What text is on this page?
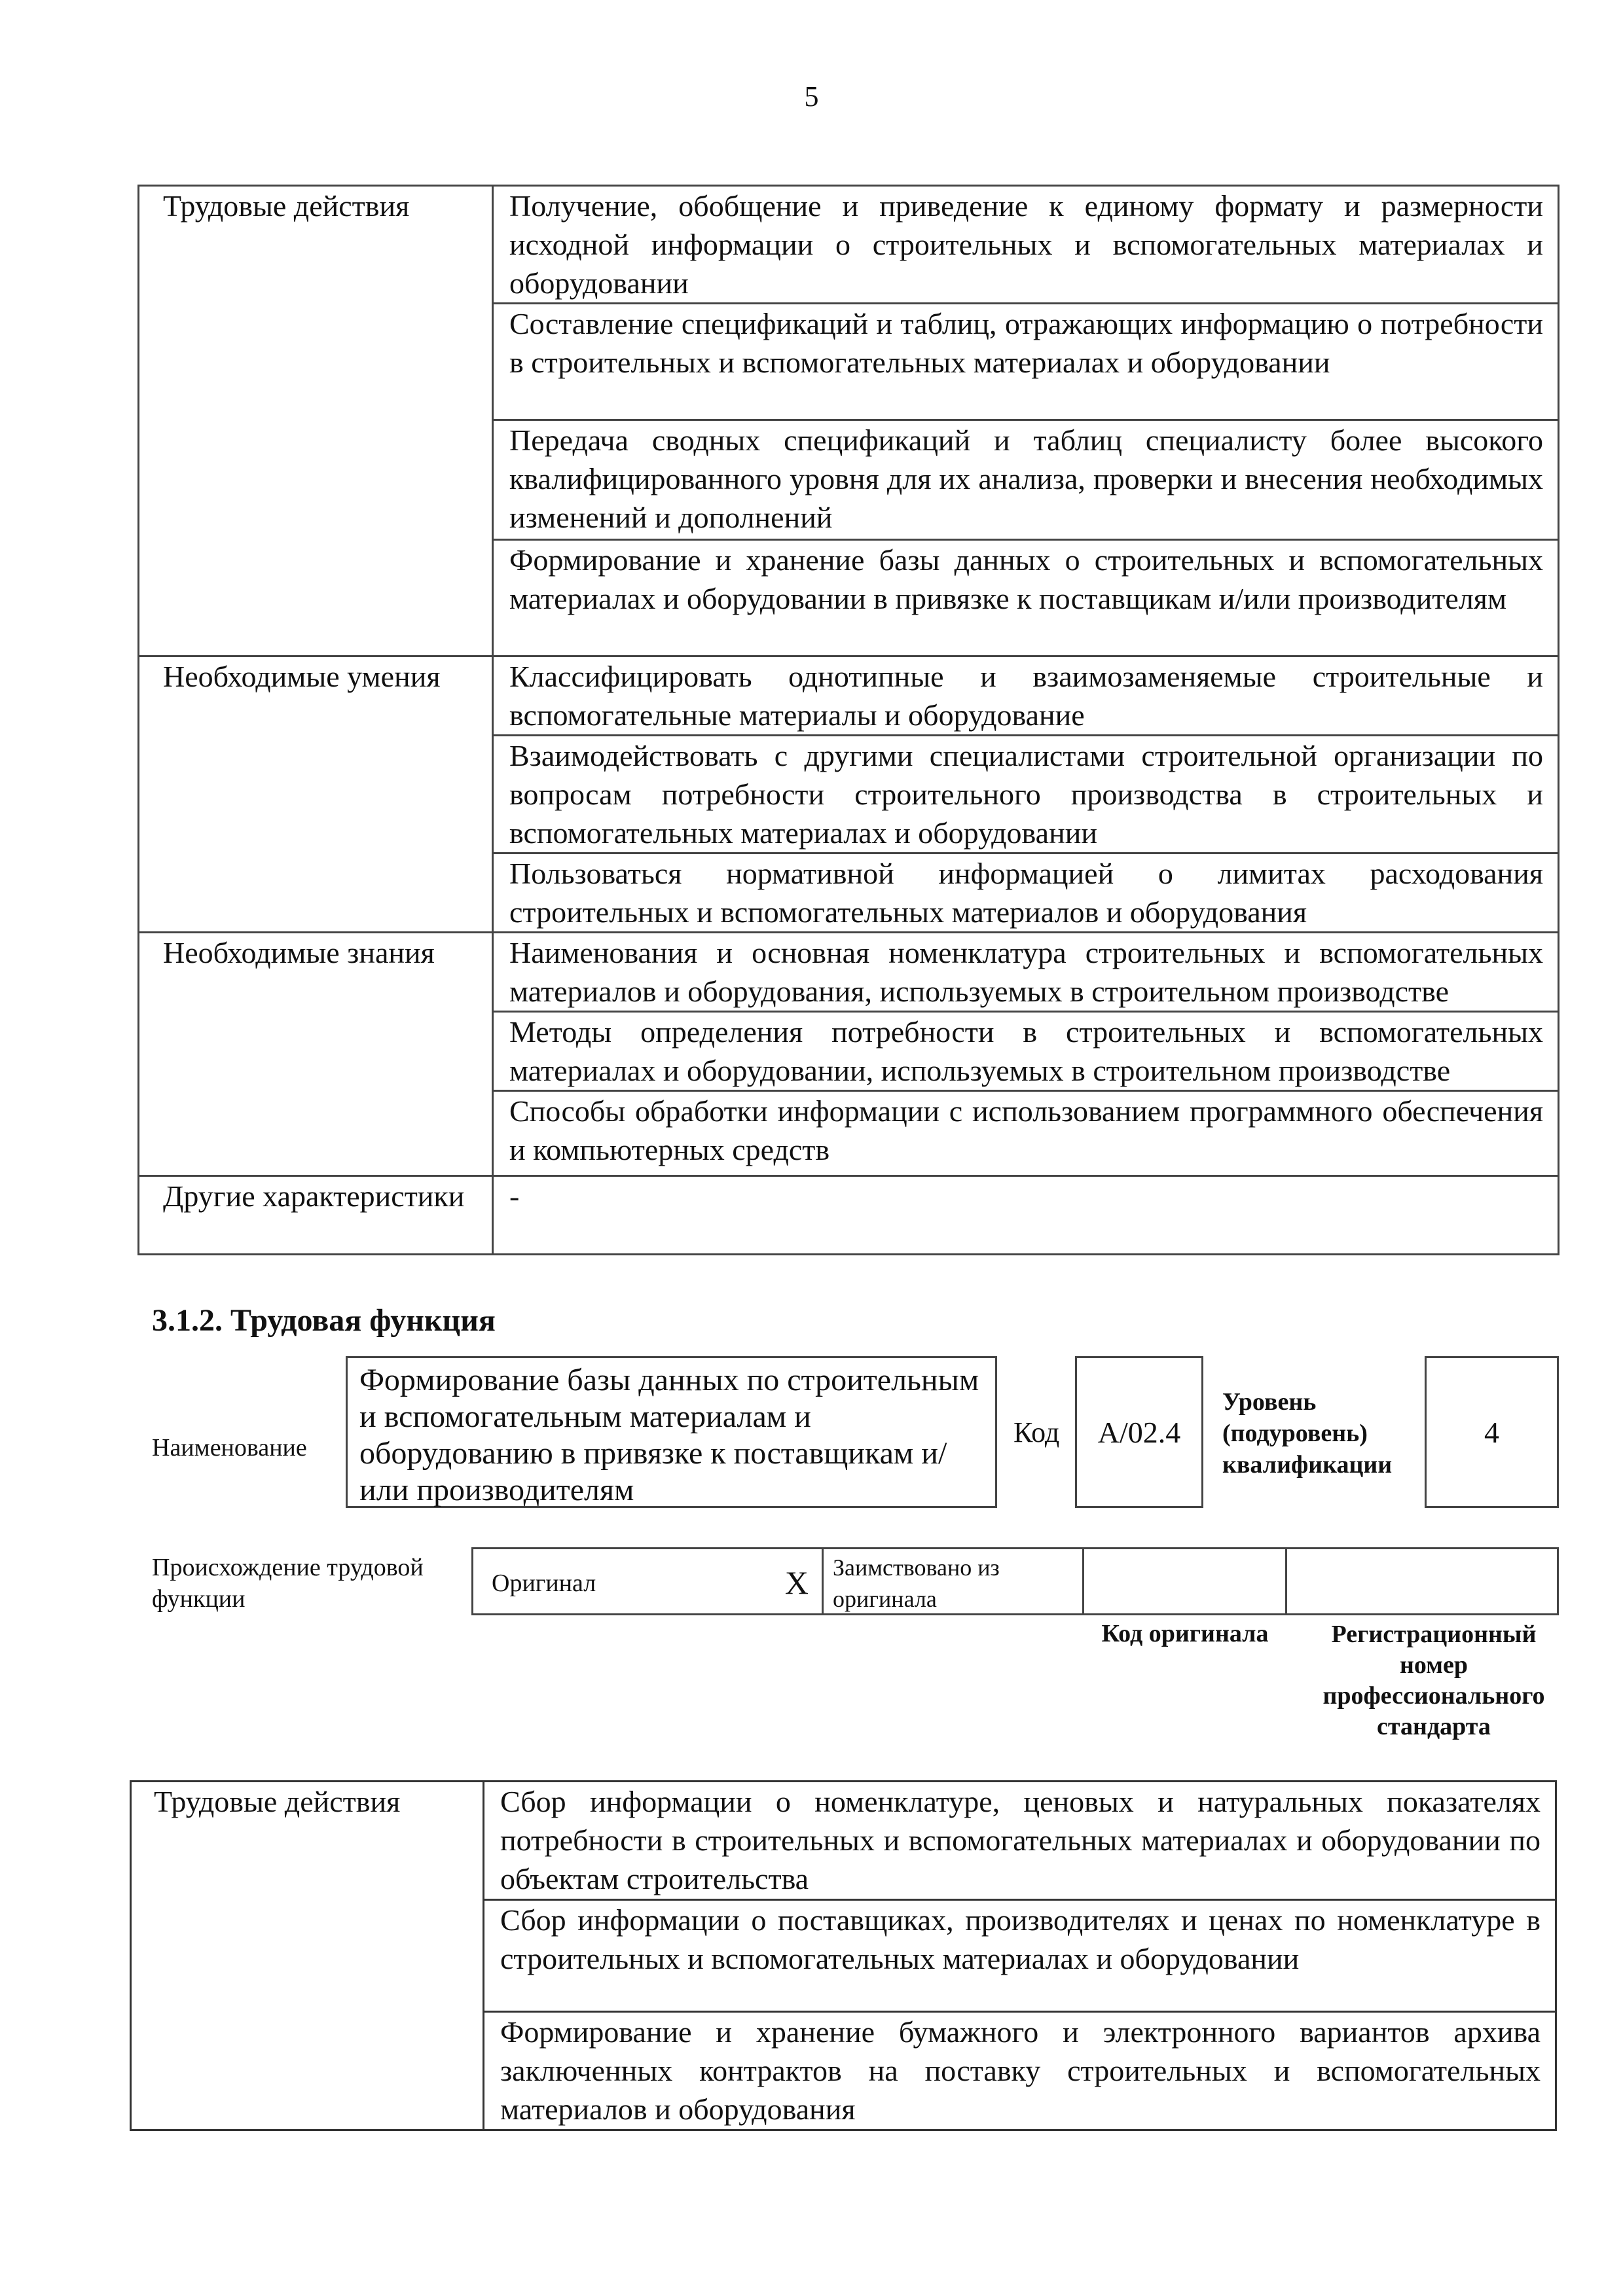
5
Трудовые действия	Получение, обобщение и приведение к единому формату и размерности исходной информации о строительных и вспомогательных материалах и оборудовании
	Составление спецификаций и таблиц, отражающих информацию о потребности в строительных и вспомогательных материалах и оборудовании
	Передача сводных спецификаций и таблиц специалисту более высокого квалифицированного уровня для их анализа, проверки и внесения необходимых изменений и дополнений
	Формирование и хранение базы данных о строительных и вспомогательных материалах и оборудовании в привязке к поставщикам и/или производителям
Необходимые умения	Классифицировать однотипные и взаимозаменяемые строительные и вспомогательные материалы и оборудование
	Взаимодействовать с другими специалистами строительной организации по вопросам потребности строительного производства в строительных и вспомогательных материалах и оборудовании
	Пользоваться нормативной информацией о лимитах расходования строительных и вспомогательных материалов и оборудования
Необходимые знания	Наименования и основная номенклатура строительных и вспомогательных материалов и оборудования, используемых в строительном производстве
	Методы определения потребности в строительных и вспомогательных материалах и оборудовании, используемых в строительном производстве
	Способы обработки информации с использованием программного обеспечения и компьютерных средств
Другие характеристики	-
3.1.2. Трудовая функция
Наименование
Формирование базы данных по строительным и вспомогательным материалам и оборудованию в привязке к поставщикам и/или производителям
Код	A/02.4
Уровень (подуровень) квалификации
4
Происхождение трудовой функции
Оригинал	X Заимствовано из оригинала
Код оригинала	Регистрационный номер профессионального стандарта
Трудовые действия	Сбор информации о номенклатуре, ценовых и натуральных показателях потребности в строительных и вспомогательных материалах и оборудовании по объектам строительства
Сбор информации о поставщиках, производителях и ценах по номенклатуре в строительных и вспомогательных материалах и оборудовании
Формирование и хранение бумажного и электронного вариантов архива заключенных контрактов на поставку строительных и вспомогательных материалов и оборудования
